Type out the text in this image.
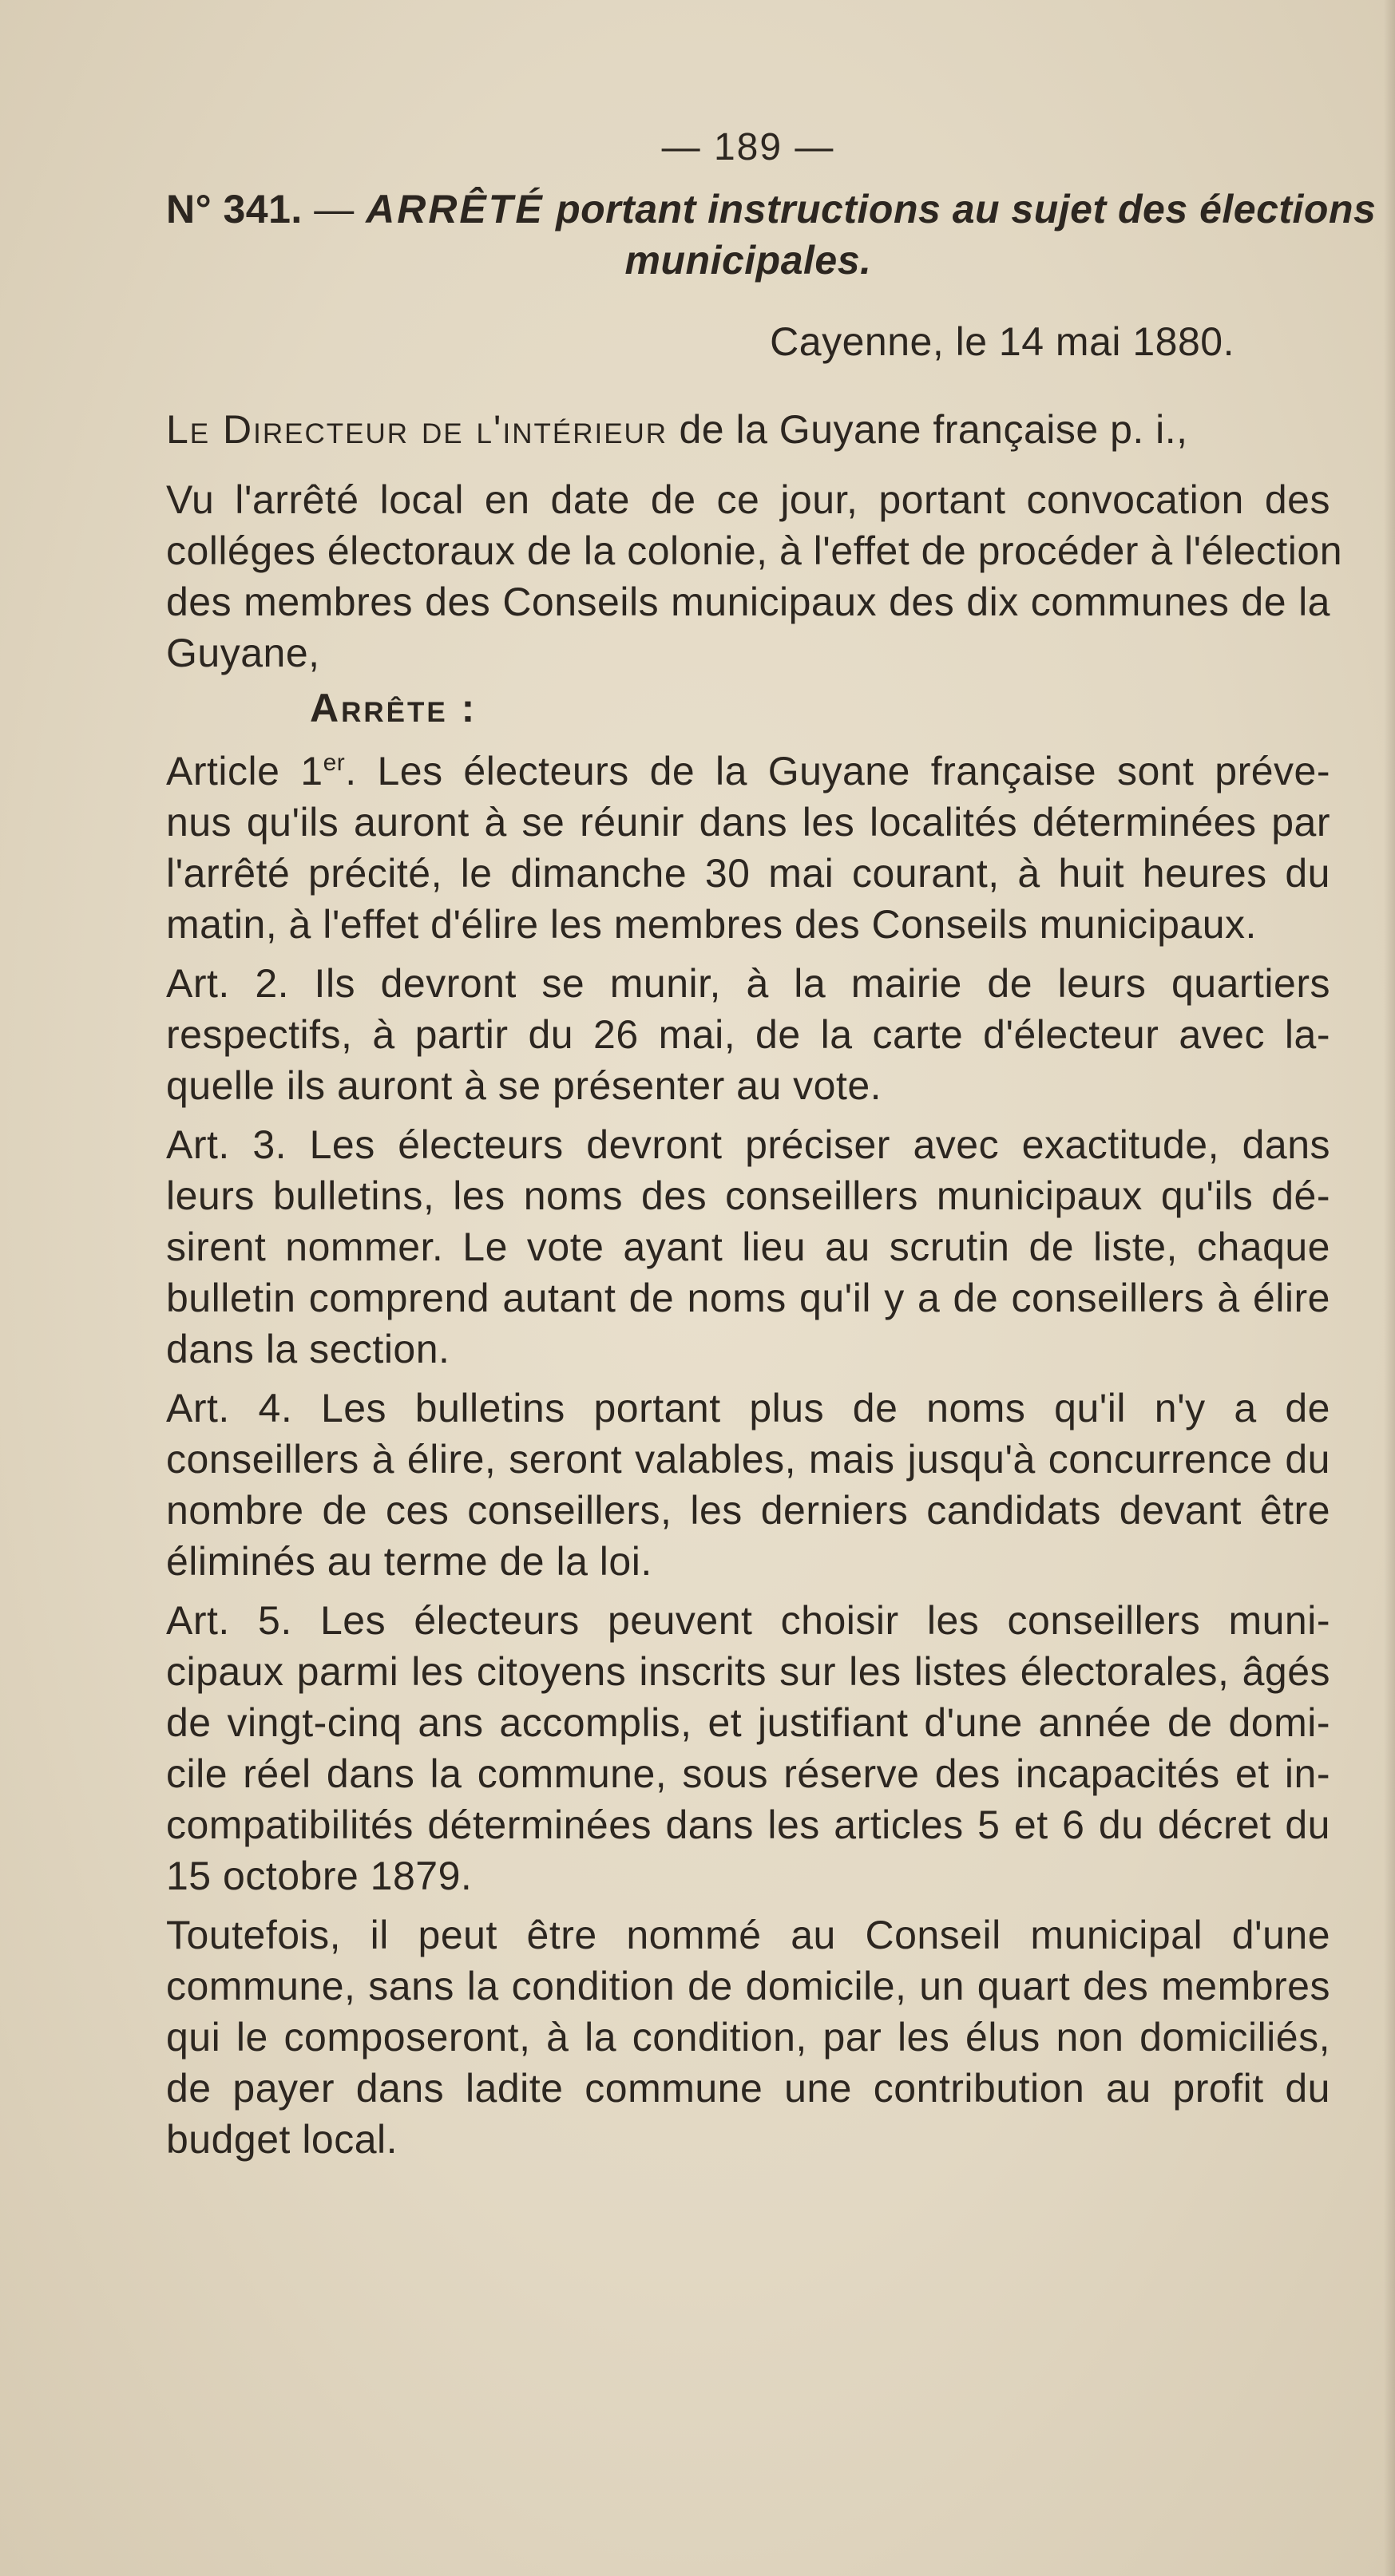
— 189 —
N° 341. — ARRÊTÉ portant instructions au sujet des élections
municipales.
Cayenne, le 14 mai 1880.
Le Directeur de l'intérieur de la Guyane française p. i.,
Vu l'arrêté local en date de ce jour, portant convocation des
colléges électoraux de la colonie, à l'effet de procéder à l'élection
des membres des Conseils municipaux des dix communes de la
Guyane,
Arrête :
Article 1er. Les électeurs de la Guyane française sont préve-
nus qu'ils auront à se réunir dans les localités déterminées par
l'arrêté précité, le dimanche 30 mai courant, à huit heures du
matin, à l'effet d'élire les membres des Conseils municipaux.
Art. 2. Ils devront se munir, à la mairie de leurs quartiers
respectifs, à partir du 26 mai, de la carte d'électeur avec la-
quelle ils auront à se présenter au vote.
Art. 3. Les électeurs devront préciser avec exactitude, dans
leurs bulletins, les noms des conseillers municipaux qu'ils dé-
sirent nommer. Le vote ayant lieu au scrutin de liste, chaque
bulletin comprend autant de noms qu'il y a de conseillers à élire
dans la section.
Art. 4. Les bulletins portant plus de noms qu'il n'y a de
conseillers à élire, seront valables, mais jusqu'à concurrence du
nombre de ces conseillers, les derniers candidats devant être
éliminés au terme de la loi.
Art. 5. Les électeurs peuvent choisir les conseillers muni-
cipaux parmi les citoyens inscrits sur les listes électorales, âgés
de vingt-cinq ans accomplis, et justifiant d'une année de domi-
cile réel dans la commune, sous réserve des incapacités et in-
compatibilités déterminées dans les articles 5 et 6 du décret du
15 octobre 1879.
Toutefois, il peut être nommé au Conseil municipal d'une
commune, sans la condition de domicile, un quart des membres
qui le composeront, à la condition, par les élus non domiciliés,
de payer dans ladite commune une contribution au profit du
budget local.
